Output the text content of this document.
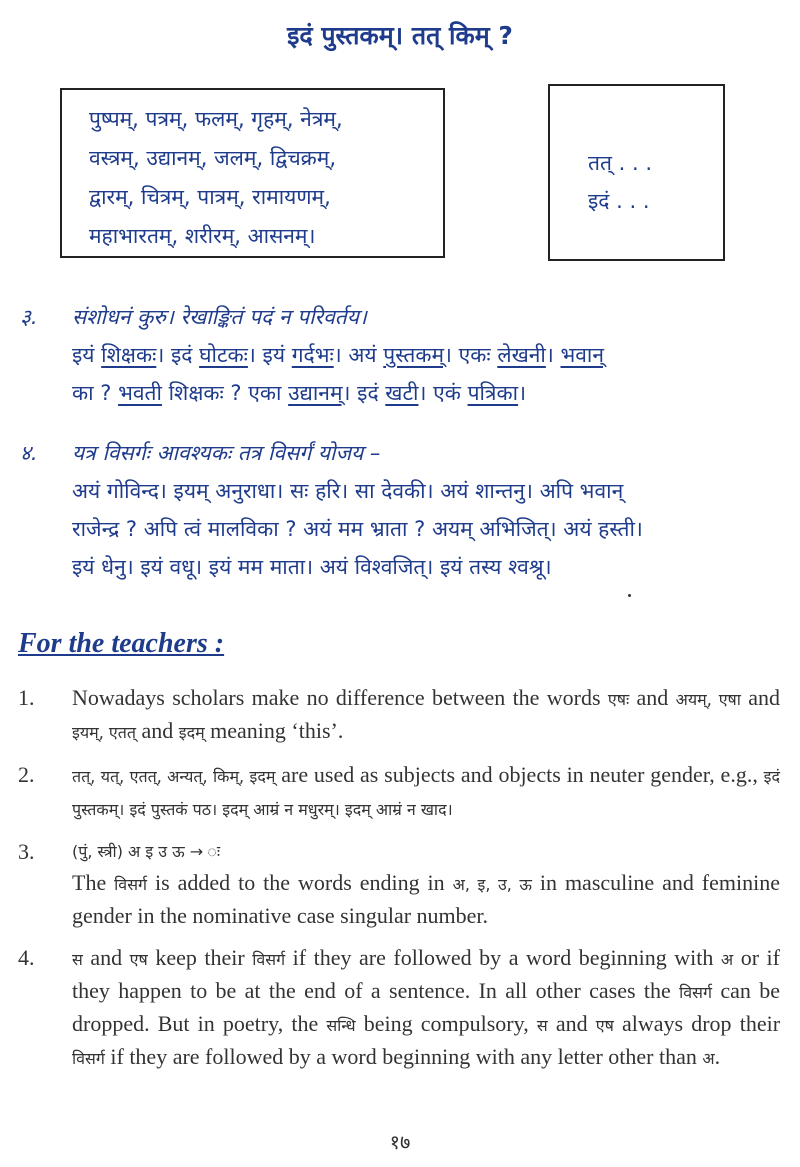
इदं पुस्तकम्। तत् किम् ?
पुष्पम्, पत्रम्, फलम्, गृहम्, नेत्रम्,
वस्त्रम्, उद्यानम्, जलम्, द्विचक्रम्,
द्वारम्, चित्रम्, पात्रम्, रामायणम्,
महाभारतम्, शरीरम्, आसनम्।
तत् . . .
इदं . . .
३. संशोधनं कुरु। रेखाङ्कितं पदं न परिवर्तय।
इयं शिक्षकः। इदं घोटकः। इयं गर्दभः। अयं पुस्तकम्। एकः लेखनी। भवान्
का ? भवती शिक्षकः ? एका उद्यानम्। इदं खटी। एकं पत्रिका।
४. यत्र विसर्गः आवश्यकः तत्र विसर्गं योजय –
अयं गोविन्द। इयम् अनुराधा। सः हरि। सा देवकी। अयं शान्तनु। अपि भवान्
राजेन्द्र ? अपि त्वं मालविका ? अयं मम भ्राता ? अयम् अभिजित्। अयं हस्ती।
इयं धेनु। इयं वधू। इयं मम माता। अयं विश्वजित्। इयं तस्य श्वश्रू।
For the teachers :
1. Nowadays scholars make no difference between the words एषः and अयम्, एषा and इयम्, एतत् and इदम् meaning ‘this’.
2. तत्, यत्, एतत्, अन्यत्, किम्, इदम् are used as subjects and objects in neuter gender, e.g., इदं पुस्तकम्। इदं पुस्तकं पठ। इदम् आम्रं न मधुरम्। इदम् आम्रं न खाद।
3. (पुं, स्त्री) अ इ उ ऊ → ः
The विसर्ग is added to the words ending in अ, इ, उ, ऊ in masculine and feminine gender in the nominative case singular number.
4. स and एष keep their विसर्ग if they are followed by a word beginning with अ or if they happen to be at the end of a sentence. In all other cases the विसर्ग can be dropped. But in poetry, the सन्धि being compulsory, स and एष always drop their विसर्ग if they are followed by a word beginning with any letter other than अ.
१७
